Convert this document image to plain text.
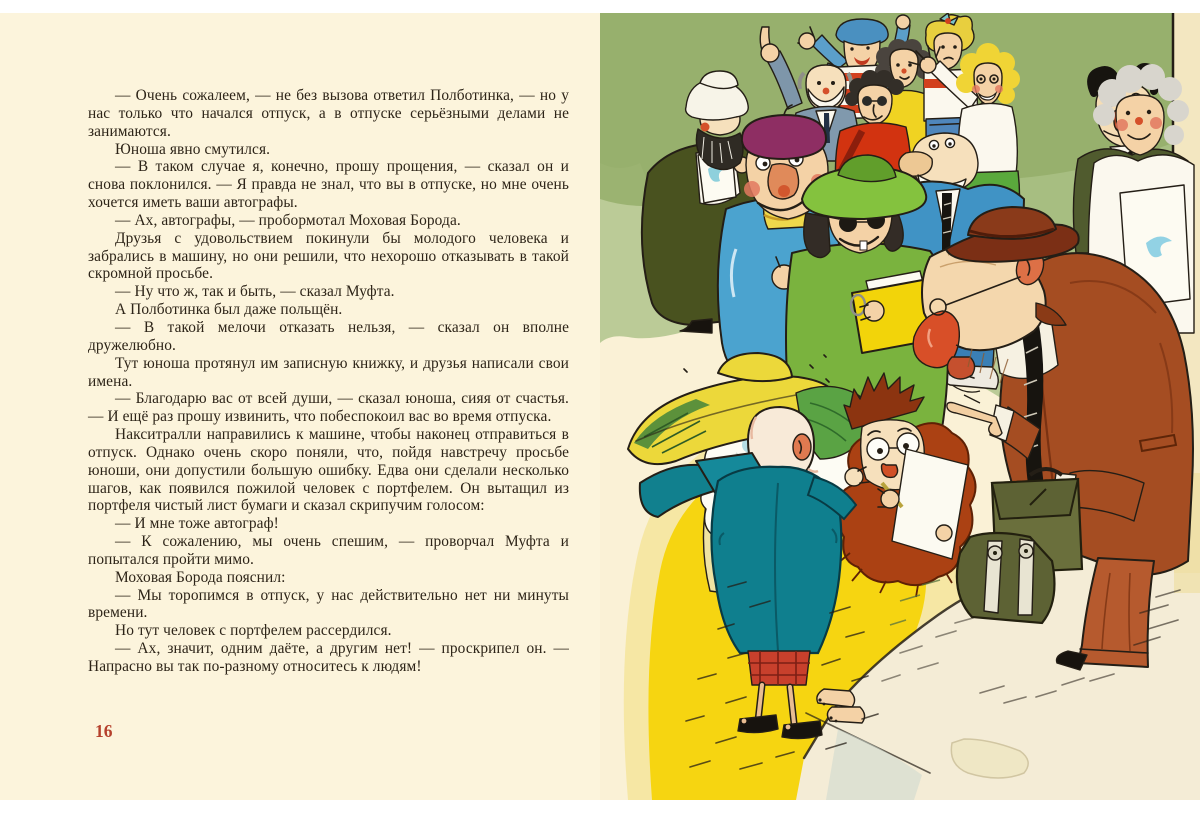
— Очень сожалеем, — не без вызова ответил Полботинка, — но у нас только что начался отпуск, а в отпуске серьёзными делами не занимаются.

Юноша явно смутился.

— В таком случае я, конечно, прошу прощения, — сказал он и снова поклонился. — Я правда не знал, что вы в отпуске, но мне очень хочется иметь ваши автографы.

— Ах, автографы, — пробормотал Моховая Борода.

Друзья с удовольствием покинули бы молодого человека и забрались в машину, но они решили, что нехорошо отказывать в такой скромной просьбе.

— Ну что ж, так и быть, — сказал Муфта.

А Полботинка был даже польщён.

— В такой мелочи отказать нельзя, — сказал он вполне дружелюбно.

Тут юноша протянул им записную книжку, и друзья написали свои имена.

— Благодарю вас от всей души, — сказал юноша, сияя от счастья. — И ещё раз прошу извинить, что побеспокоил вас во время отпуска.

Накситралли направились к машине, чтобы наконец отправиться в отпуск. Однако очень скоро поняли, что, пойдя навстречу просьбе юноши, они допустили большую ошибку. Едва они сделали несколько шагов, как появился пожилой человек с портфелем. Он вытащил из портфеля чистый лист бумаги и сказал скрипучим голосом:

— И мне тоже автограф!

— К сожалению, мы очень спешим, — проворчал Муфта и попытался пройти мимо.

Моховая Борода пояснил:

— Мы торопимся в отпуск, у нас действительно нет ни минуты времени.

Но тут человек с портфелем рассердился.

— Ах, значит, одним даёте, а другим нет! — проскрипел он. — Напрасно вы так по-разному относитесь к людям!

16
